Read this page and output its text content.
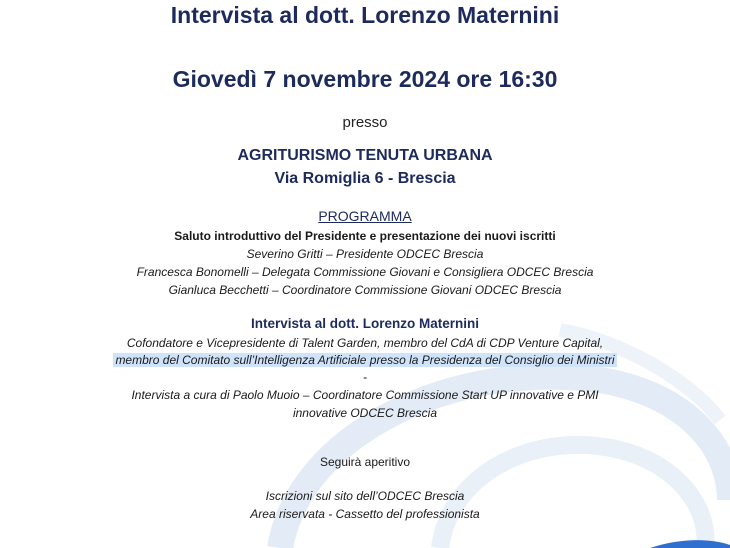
Intervista al dott. Lorenzo Maternini
Giovedì 7 novembre 2024 ore 16:30
presso
AGRITURISMO TENUTA URBANA
Via Romiglia 6 - Brescia
PROGRAMMA
Saluto introduttivo del Presidente e presentazione dei nuovi iscritti
Severino Gritti – Presidente ODCEC Brescia
Francesca Bonomelli – Delegata Commissione Giovani e Consigliera ODCEC Brescia
Gianluca Becchetti – Coordinatore Commissione Giovani ODCEC Brescia
Intervista al dott. Lorenzo Maternini
Cofondatore e Vicepresidente di Talent Garden, membro del CdA di CDP Venture Capital,
membro del Comitato sull’Intelligenza Artificiale presso la Presidenza del Consiglio dei Ministri
-
Intervista a cura di Paolo Muoio – Coordinatore Commissione Start UP innovative e PMI
innovative ODCEC Brescia
Seguirà aperitivo
Iscrizioni sul sito dell’ODCEC Brescia
Area riservata - Cassetto del professionista
